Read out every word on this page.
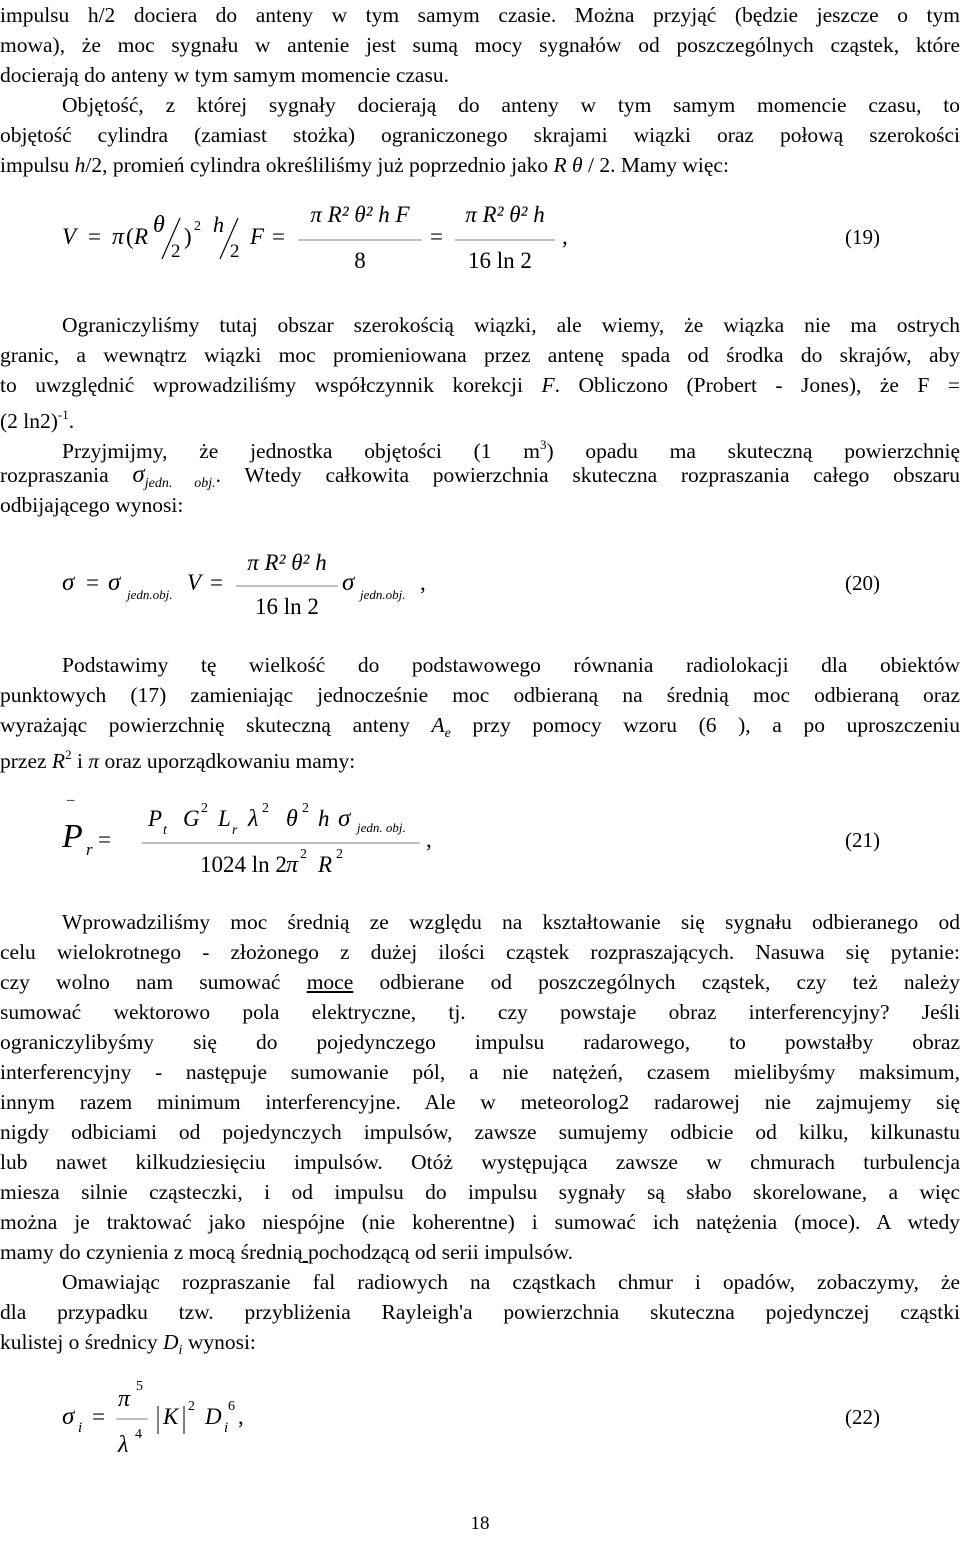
impulsu h/2 dociera do anteny w tym samym czasie. Można przyjąć (będzie jeszcze o tym
mowa), że moc sygnału w antenie jest sumą mocy sygnałów od poszczególnych cząstek, które
docierają do anteny w tym samym momencie czasu.
Objętość, z której sygnały docierają do anteny w tym samym momencie czasu, to
objętość cylindra (zamiast stożka) ograniczonego skrajami wiązki oraz połową szerokości
impulsu h/2, promień cylindra określiliśmy już poprzednio jako R θ / 2. Mamy więc:
V = π ( R θ
2
) 2 h
2
F =
π R² θ² h F
8
=
π R² θ² h
16 ln 2
,	(19)
Ograniczyliśmy tutaj obszar szerokością wiązki, ale wiemy, że wiązka nie ma ostrych
granic, a wewnątrz wiązki moc promieniowana przez antenę spada od środka do skrajów, aby
to uwzględnić wprowadziliśmy współczynnik korekcji F. Obliczono (Probert - Jones), że F =
(2 ln2)$^{-1}$.
Przyjmijmy, że jednostka objętości (1 $m^3$) opadu ma skuteczną powierzchnię
rozpraszania $\sigma_{jedn. obj.}$. Wtedy całkowita powierzchnia skuteczna rozpraszania całego obszaru
odbijającego wynosi:
σ = σ jedn.obj. V =
π R² θ² h
16 ln 2
σ jedn.obj. ,	(20)
Podstawimy tę wielkość do podstawowego równania radiolokacji dla obiektów
punktowych (17) zamieniając jednocześnie moc odbieraną na średnią moc odbieraną oraz
wyrażając powierzchnię skuteczną anteny $A_e$ przy pomocy wzoru (6 ), a po uproszczeniu
przez $R^2$ i π oraz uporządkowaniu mamy:
–
P r =
P t G 2 L r λ 2 θ 2 h σ jedn. obj.
1024 ln 2 π 2 R 2
,	(21)
Wprowadziliśmy moc średnią ze względu na kształtowanie się sygnału odbieranego od
celu wielokrotnego - złożonego z dużej ilości cząstek rozpraszających. Nasuwa się pytanie:
czy wolno nam sumować moce odbierane od poszczególnych cząstek, czy też należy
sumować wektorowo pola elektryczne, tj. czy powstaje obraz interferencyjny? Jeśli
ograniczylibyśmy się do pojedynczego impulsu radarowego, to powstałby obraz
interferencyjny - następuje sumowanie pól, a nie natężeń, czasem mielibyśmy maksimum,
innym razem minimum interferencyjne. Ale w meteorolog2 radarowej nie zajmujemy się
nigdy odbiciami od pojedynczych impulsów, zawsze sumujemy odbicie od kilku, kilkunastu
lub nawet kilkudziesięciu impulsów. Otóż występująca zawsze w chmurach turbulencja
miesza silnie cząsteczki, i od impulsu do impulsu sygnały są słabo skorelowane, a więc
można je traktować jako niespójne (nie koherentne) i sumować ich natężenia (moce). A wtedy
mamy do czynienia z mocą średnią pochodzącą od serii impulsów.
Omawiając rozpraszanie fal radiowych na cząstkach chmur i opadów, zobaczymy, że
dla przypadku tzw. przybliżenia Rayleigh'a powierzchnia skuteczna pojedynczej cząstki
kulistej o średnicy $D_i$ wynosi:
σ i =
π 5
λ 4
K 2 D i
6 ,	(22)
18
